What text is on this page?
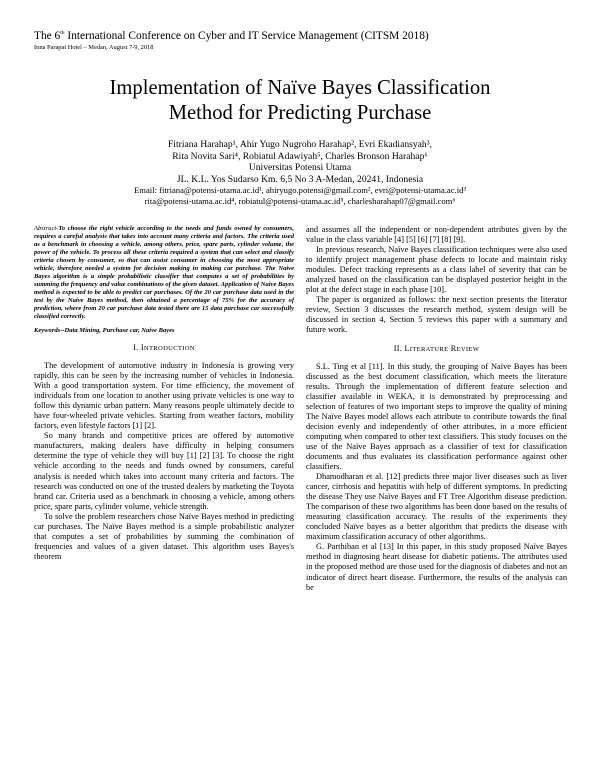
The 6th International Conference on Cyber and IT Service Management (CITSM 2018)
Inna Parapat Hotel – Medan, August 7-9, 2018
Implementation of Naïve Bayes Classification
Method for Predicting Purchase
Fitriana Harahap¹, Ahir Yugo Nugroho Harahap², Evri Ekadiansyah³,
Rita Novita Sari⁴, Robiatul Adawiyah⁵, Charles Bronson Harahap⁶
Universitas Potensi Utama
JL. K.L. Yos Sudarso Km. 6,5 No 3 A-Medan, 20241, Indonesia
Email: fitriana@potensi-utama.ac.id¹, ahiryugo.potensi@gmail.com², evri@potensi-utama.ac.id³
rita@potensi-utama.ac.id⁴, robiatul@potensi-utama.ac.id⁵, charlesharahap07@gmail.com⁶

Abstract-To choose the right vehicle according to the needs and funds owned by consumers, requires a careful analysis that takes into account many criteria and factors. The criteria used as a benchmark in choosing a vehicle, among others, price, spare parts, cylinder volume, the power of the vehicle. To process all these criteria required a system that can select and classify criteria chosen by consumer, so that can assist consumer in choosing the most appropriate vehicle, therefore needed a system for decision making in making car purchase. The Naive Bayes algorithm is a simple probabilistic classifier that computes a set of probabilities by summing the frequency and value combinations of the given dataset. Application of Naive Bayes method is expected to be able to predict car purchases. Of the 20 car purchase data used in the test by the Naive Bayes method, then obtained a percentage of 75% for the accuracy of prediction, where from 20 car purchase data tested there are 15 data purchase car successfully classified correctly.

Keywords--Data Mining, Purchase car, Naive Bayes

I. INTRODUCTION

The development of automotive industry in Indonesia is growing very rapidly, this can be seen by the increasing number of vehicles in Indonesia. With a good transportation system. For time efficiency, the movement of individuals from one location to another using private vehicles is one way to follow this dynamic urban pattern. Many reasons people ultimately decide to have four-wheeled private vehicles. Starting from weather factors, mobility factors, even lifestyle factors [1] [2].

So many brands and competitive prices are offered by automotive manufacturers, making dealers have difficulty in helping consumers determine the type of vehicle they will buy [1] [2] [3]. To choose the right vehicle according to the needs and funds owned by consumers, careful analysis is needed which takes into account many criteria and factors. The research was conducted on one of the trusted dealers by marketing the Toyota brand car. Criteria used as a benchmark in choosing a vehicle, among others price, spare parts, cylinder volume, vehicle strength.

To solve the problem researchers chose Naïve Bayes method in predicting car purchases. The Naïve Bayes method is a simple probabilistic analyzer that computes a set of probabilities by summing the combination of frequencies and values of a given dataset. This algorithm uses Bayes's theorem

and assumes all the independent or non-dependent attributes given by the value in the class variable [4] [5] [6] [7] [8] [9].

In previous research, Naïve Bayes classification techniques were also used to identify project management phase defects to locate and maintain risky modules. Defect tracking represents as a class label of severity that can be analyzed based on the classification can be displayed posterior height in the plot at the defect stage in each phase [10].

The paper is organized as follows: the next section presents the literatur review, Section 3 discusses the research method, system design will be discussed in section 4, Section 5 reviews this paper with a summary and future work.

II. LITERATURE REVIEW

S.L. Ting et al [11]. In this study, the grouping of Naïve Bayes has been discussed as the best document classification, which meets the literature results. Through the implementation of different feature selection and classifier available in WEKA, it is demonstrated by preprocessing and selection of features of two important steps to improve the quality of mining The Naïve Bayes model allows each attribute to contribute towards the final decision evenly and independently of other attributes, in a more efficient computing when compared to other text classifiers. This study focuses on the use of the Naïve Bayes approach as a classifier of text for classification documents and thus evaluates its classification performance against other classifiers.

Dhamodharan et al. [12] predicts three major liver diseases such as liver cancer, cirrhosis and hepatitis with help of different symptoms. In predicting the disease They use Naïve Bayes and FT Tree Algorithm disease prediction. The comparison of these two algorithms has been done based on the results of measuring classification accuracy. The results of the experiments they concluded Naïve bayes as a better algorithm that predicts the disease with maximum classification accuracy of other algorithms.

G. Parthiban et al [13] In this paper, in this study proposed Naïve Bayes method in diagnosing heart disease for diabetic patients. The attributes used in the proposed method are those used for the diagnosis of diabetes and not an indicator of direct heart disease. Furthermore, the results of the analysis can be
